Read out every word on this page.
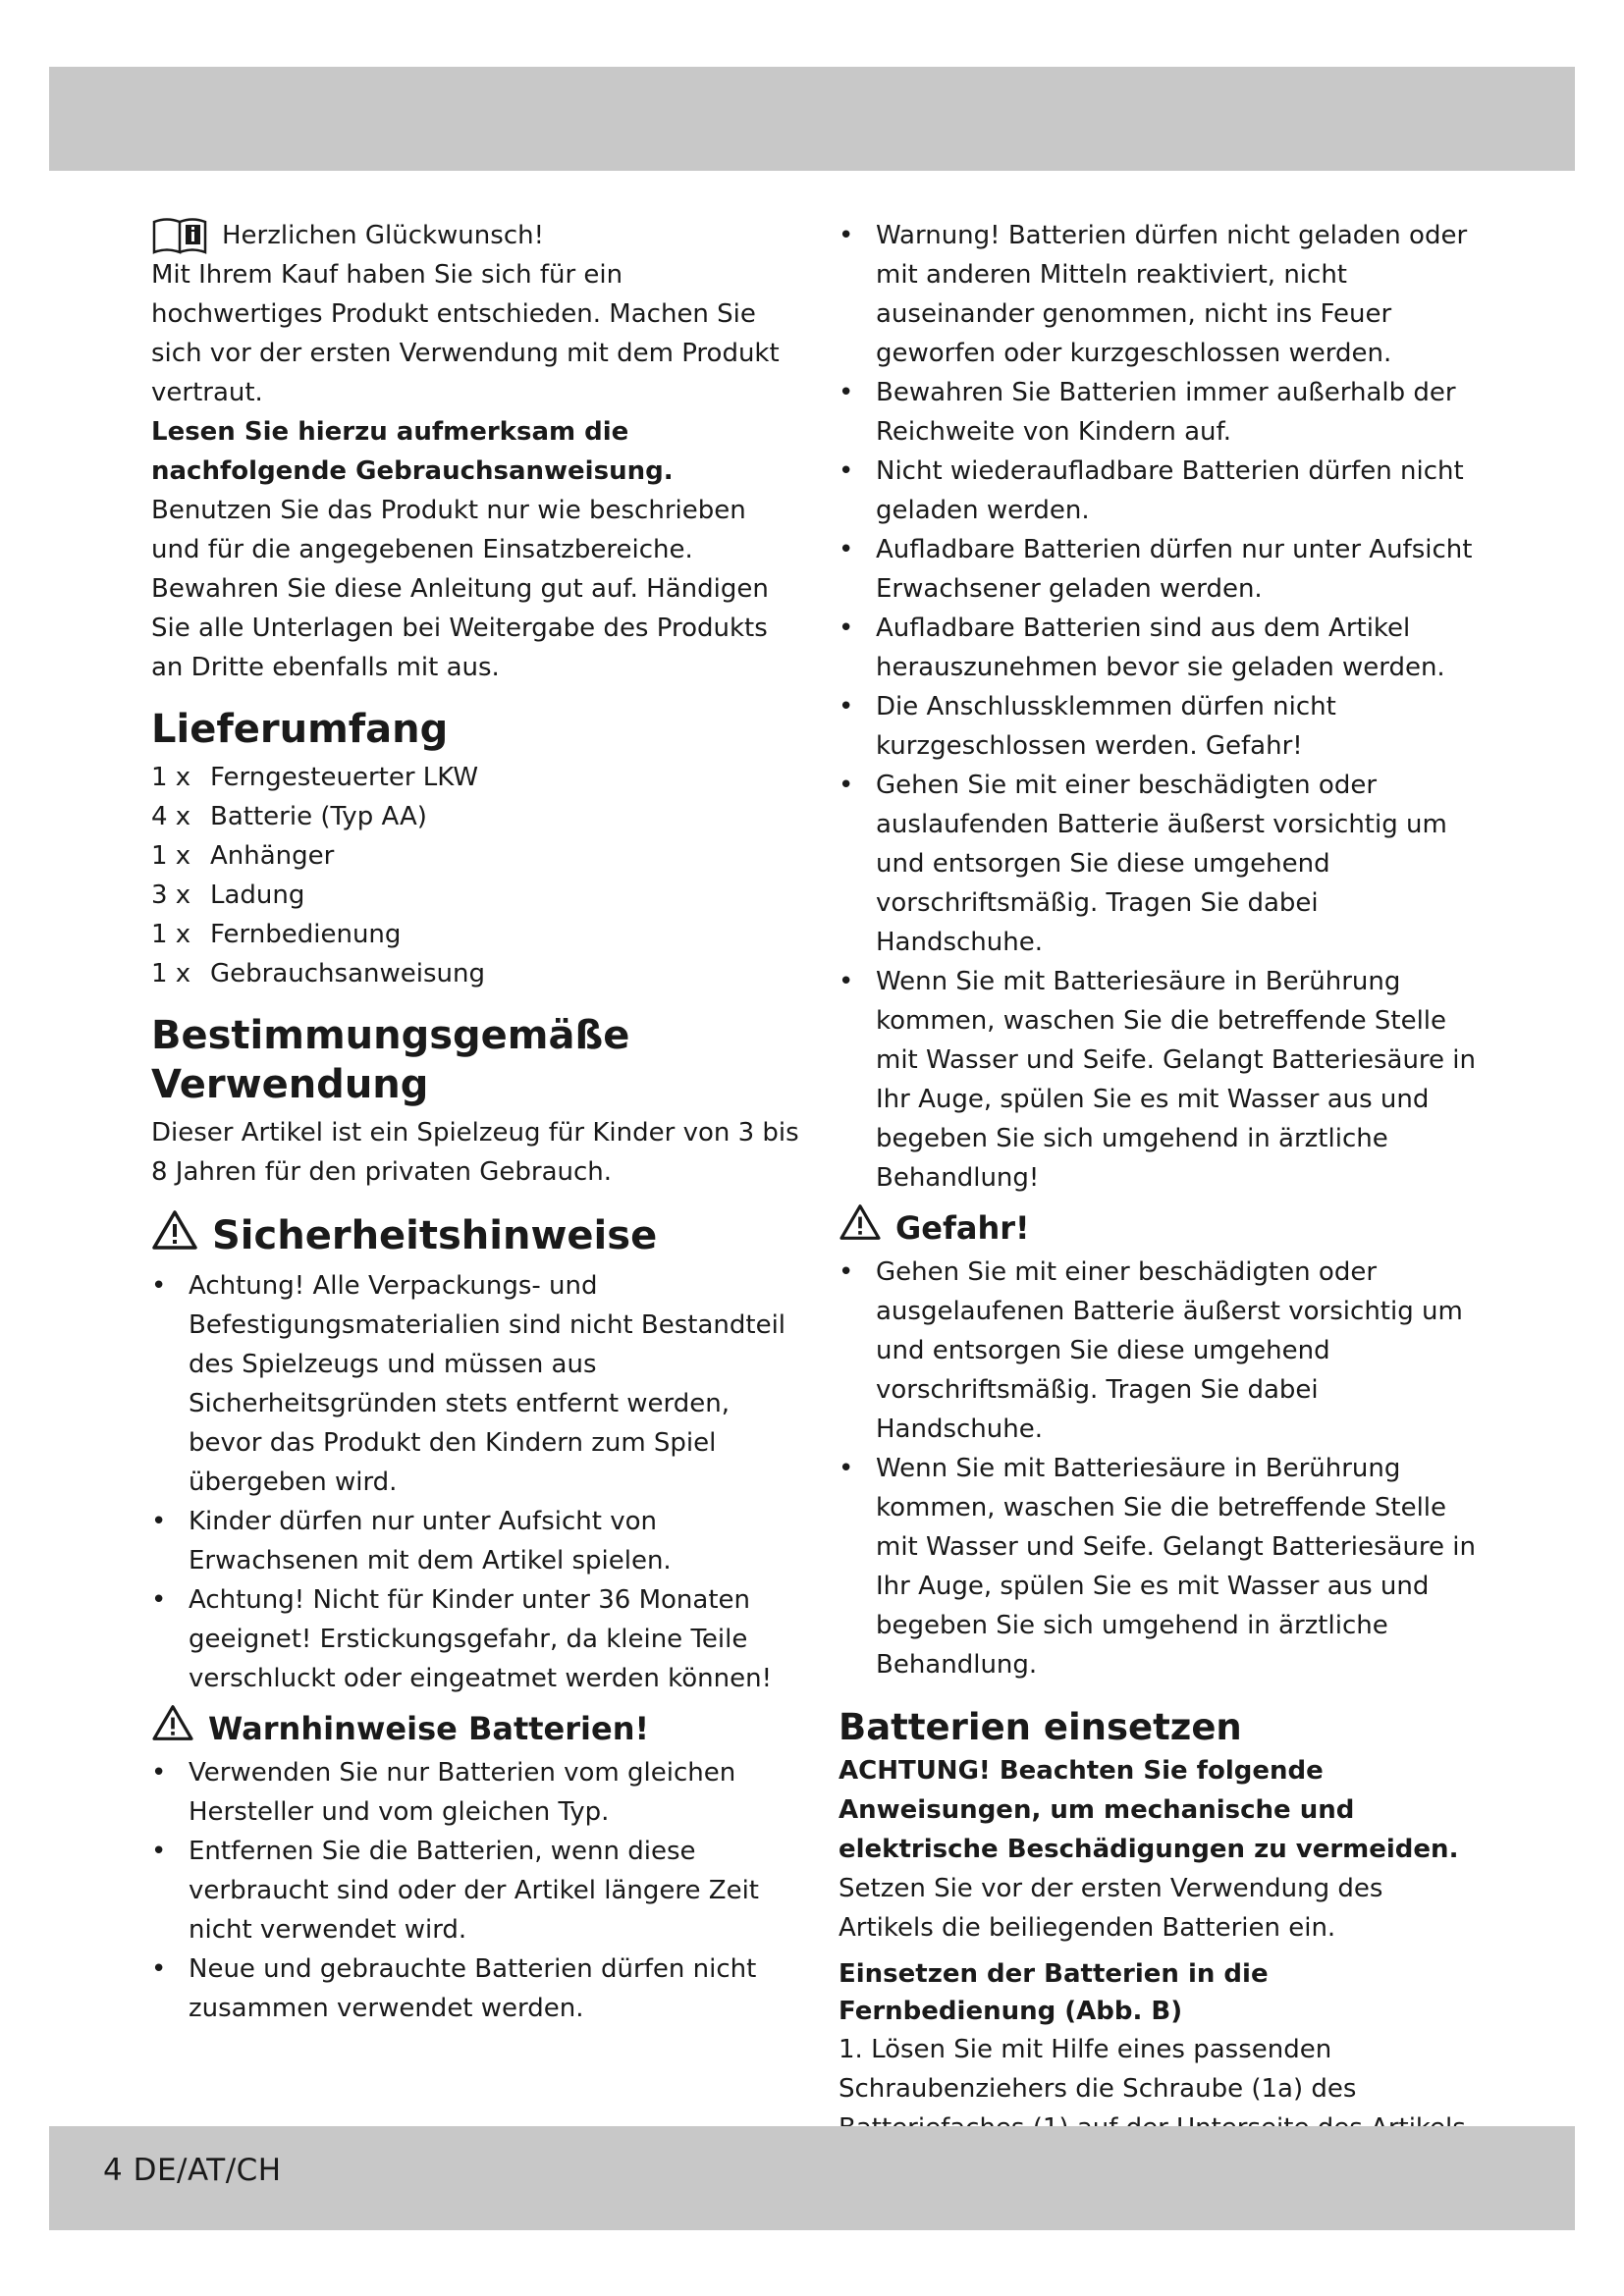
Herzlichen Glückwunsch!

Mit Ihrem Kauf haben Sie sich für ein hochwertiges Produkt entschieden. Machen Sie sich vor der ersten Verwendung mit dem Produkt vertraut.

Lesen Sie hierzu aufmerksam die nachfolgende Gebrauchsanweisung.

Benutzen Sie das Produkt nur wie beschrieben und für die angegebenen Einsatzbereiche. Bewahren Sie diese Anleitung gut auf. Händigen Sie alle Unterlagen bei Weitergabe des Produkts an Dritte ebenfalls mit aus.

Lieferumfang
1 x Ferngesteuerter LKW
4 x Batterie (Typ AA)
1 x Anhänger
3 x Ladung
1 x Fernbedienung
1 x Gebrauchsanweisung
Bestimmungsgemäße Verwendung

Dieser Artikel ist ein Spielzeug für Kinder von 3 bis 8 Jahren für den privaten Gebrauch.

Sicherheitshinweise
• Achtung! Alle Verpackungs- und Befestigungsmaterialien sind nicht Bestandteil des Spielzeugs und müssen aus Sicherheitsgründen stets entfernt werden, bevor das Produkt den Kindern zum Spiel übergeben wird.
• Kinder dürfen nur unter Aufsicht von Erwachsenen mit dem Artikel spielen.
• Achtung! Nicht für Kinder unter 36 Monaten geeignet! Erstickungsgefahr, da kleine Teile verschluckt oder eingeatmet werden können!
Warnhinweise Batterien!
• Verwenden Sie nur Batterien vom gleichen Hersteller und vom gleichen Typ.
• Entfernen Sie die Batterien, wenn diese verbraucht sind oder der Artikel längere Zeit nicht verwendet wird.
• Neue und gebrauchte Batterien dürfen nicht zusammen verwendet werden.
• Warnung! Batterien dürfen nicht geladen oder mit anderen Mitteln reaktiviert, nicht auseinander genommen, nicht ins Feuer geworfen oder kurzgeschlossen werden.
• Bewahren Sie Batterien immer außerhalb der Reichweite von Kindern auf.
• Nicht wiederaufladbare Batterien dürfen nicht geladen werden.
• Aufladbare Batterien dürfen nur unter Aufsicht Erwachsener geladen werden.
• Aufladbare Batterien sind aus dem Artikel herauszunehmen bevor sie geladen werden.
• Die Anschlussklemmen dürfen nicht kurzgeschlossen werden. Gefahr!
• Gehen Sie mit einer beschädigten oder auslaufenden Batterie äußerst vorsichtig um und entsorgen Sie diese umgehend vorschriftsmäßig. Tragen Sie dabei Handschuhe.
• Wenn Sie mit Batteriesäure in Berührung kommen, waschen Sie die betreffende Stelle mit Wasser und Seife. Gelangt Batteriesäure in Ihr Auge, spülen Sie es mit Wasser aus und begeben Sie sich umgehend in ärztliche Behandlung!
Gefahr!
• Gehen Sie mit einer beschädigten oder ausgelaufenen Batterie äußerst vorsichtig um und entsorgen Sie diese umgehend vorschriftsmäßig. Tragen Sie dabei Handschuhe.
• Wenn Sie mit Batteriesäure in Berührung kommen, waschen Sie die betreffende Stelle mit Wasser und Seife. Gelangt Batteriesäure in Ihr Auge, spülen Sie es mit Wasser aus und begeben Sie sich umgehend in ärztliche Behandlung.
Batterien einsetzen

ACHTUNG! Beachten Sie folgende Anweisungen, um mechanische und elektrische Beschädigungen zu vermeiden.

Setzen Sie vor der ersten Verwendung des Artikels die beiliegenden Batterien ein.

Einsetzen der Batterien in die Fernbedienung (Abb. B)
1. Lösen Sie mit Hilfe eines passenden Schraubenziehers die Schraube (1a) des
4 DE/AT/CH
